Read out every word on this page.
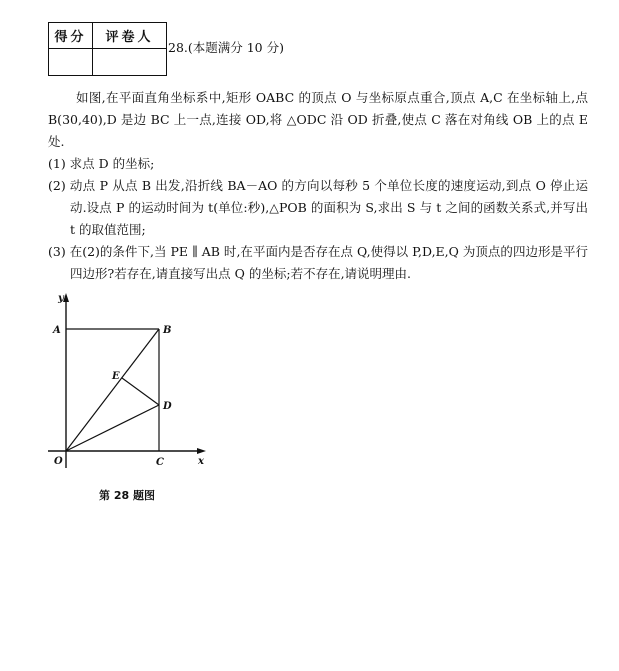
得分	评卷人
28.(本题满分 10 分)
如图,在平面直角坐标系中,矩形 OABC 的顶点 O 与坐标原点重合,顶点 A,C 在坐标轴上,点 B(30,40),D 是边 BC 上一点,连接 OD,将 △ODC 沿 OD 折叠,使点 C 落在对角线 OB 上的点 E 处.
(1) 求点 D 的坐标;
(2) 动点 P 从点 B 出发,沿折线 BA－AO 的方向以每秒 5 个单位长度的速度运动,到点 O 停止运动.设点 P 的运动时间为 t(单位:秒),△POB 的面积为 S,求出 S 与 t 之间的函数关系式,并写出 t 的取值范围;
(3) 在(2)的条件下,当 PE ∥ AB 时,在平面内是否存在点 Q,使得以 P,D,E,Q 为顶点的四边形是平行四边形?若存在,请直接写出点 Q 的坐标;若不存在,请说明理由.
y
x
A	B
C
D
E
O
第 28 题图
